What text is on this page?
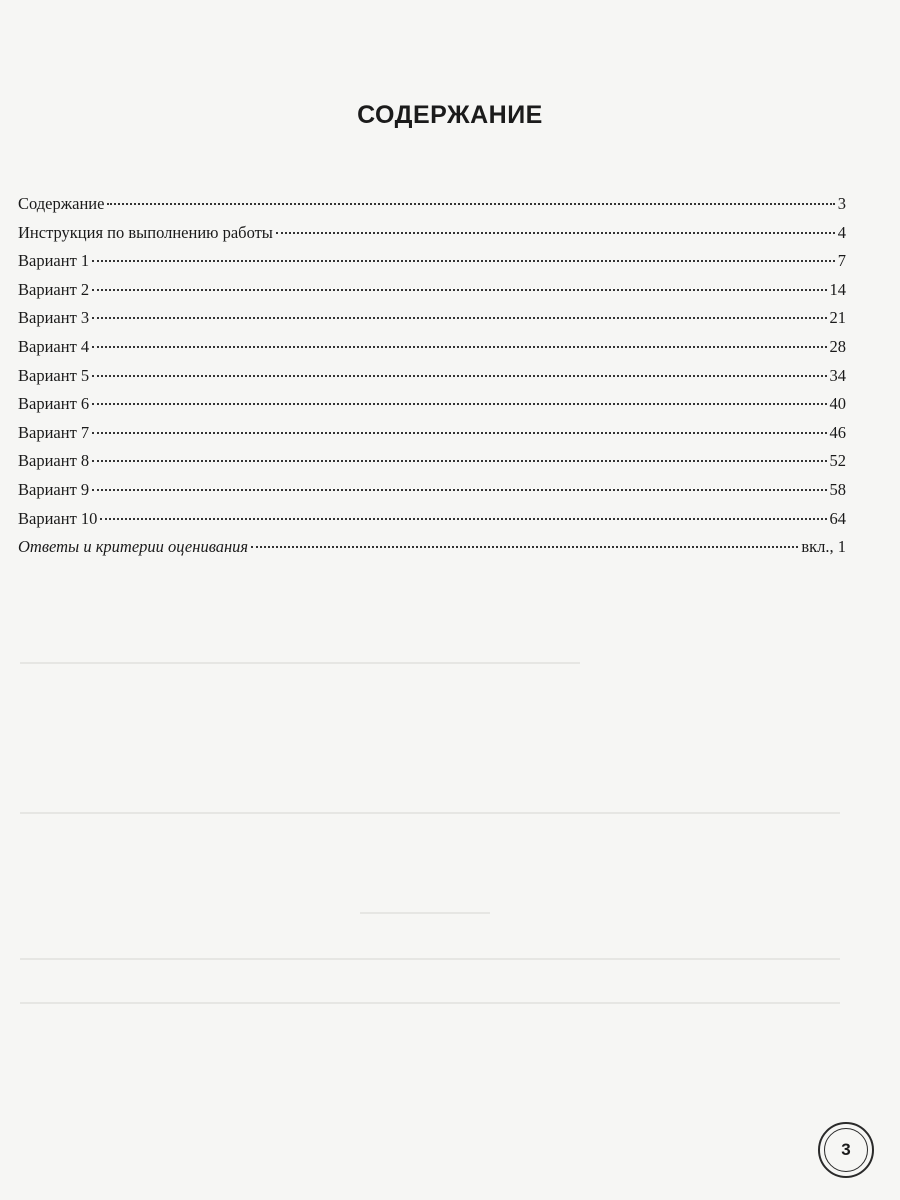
СОДЕРЖАНИЕ
Содержание	3
Инструкция по выполнению работы	4
Вариант 1	7
Вариант 2	14
Вариант 3	21
Вариант 4	28
Вариант 5	34
Вариант 6	40
Вариант 7	46
Вариант 8	52
Вариант 9	58
Вариант 10	64
Ответы и критерии оценивания	вкл., 1
3
